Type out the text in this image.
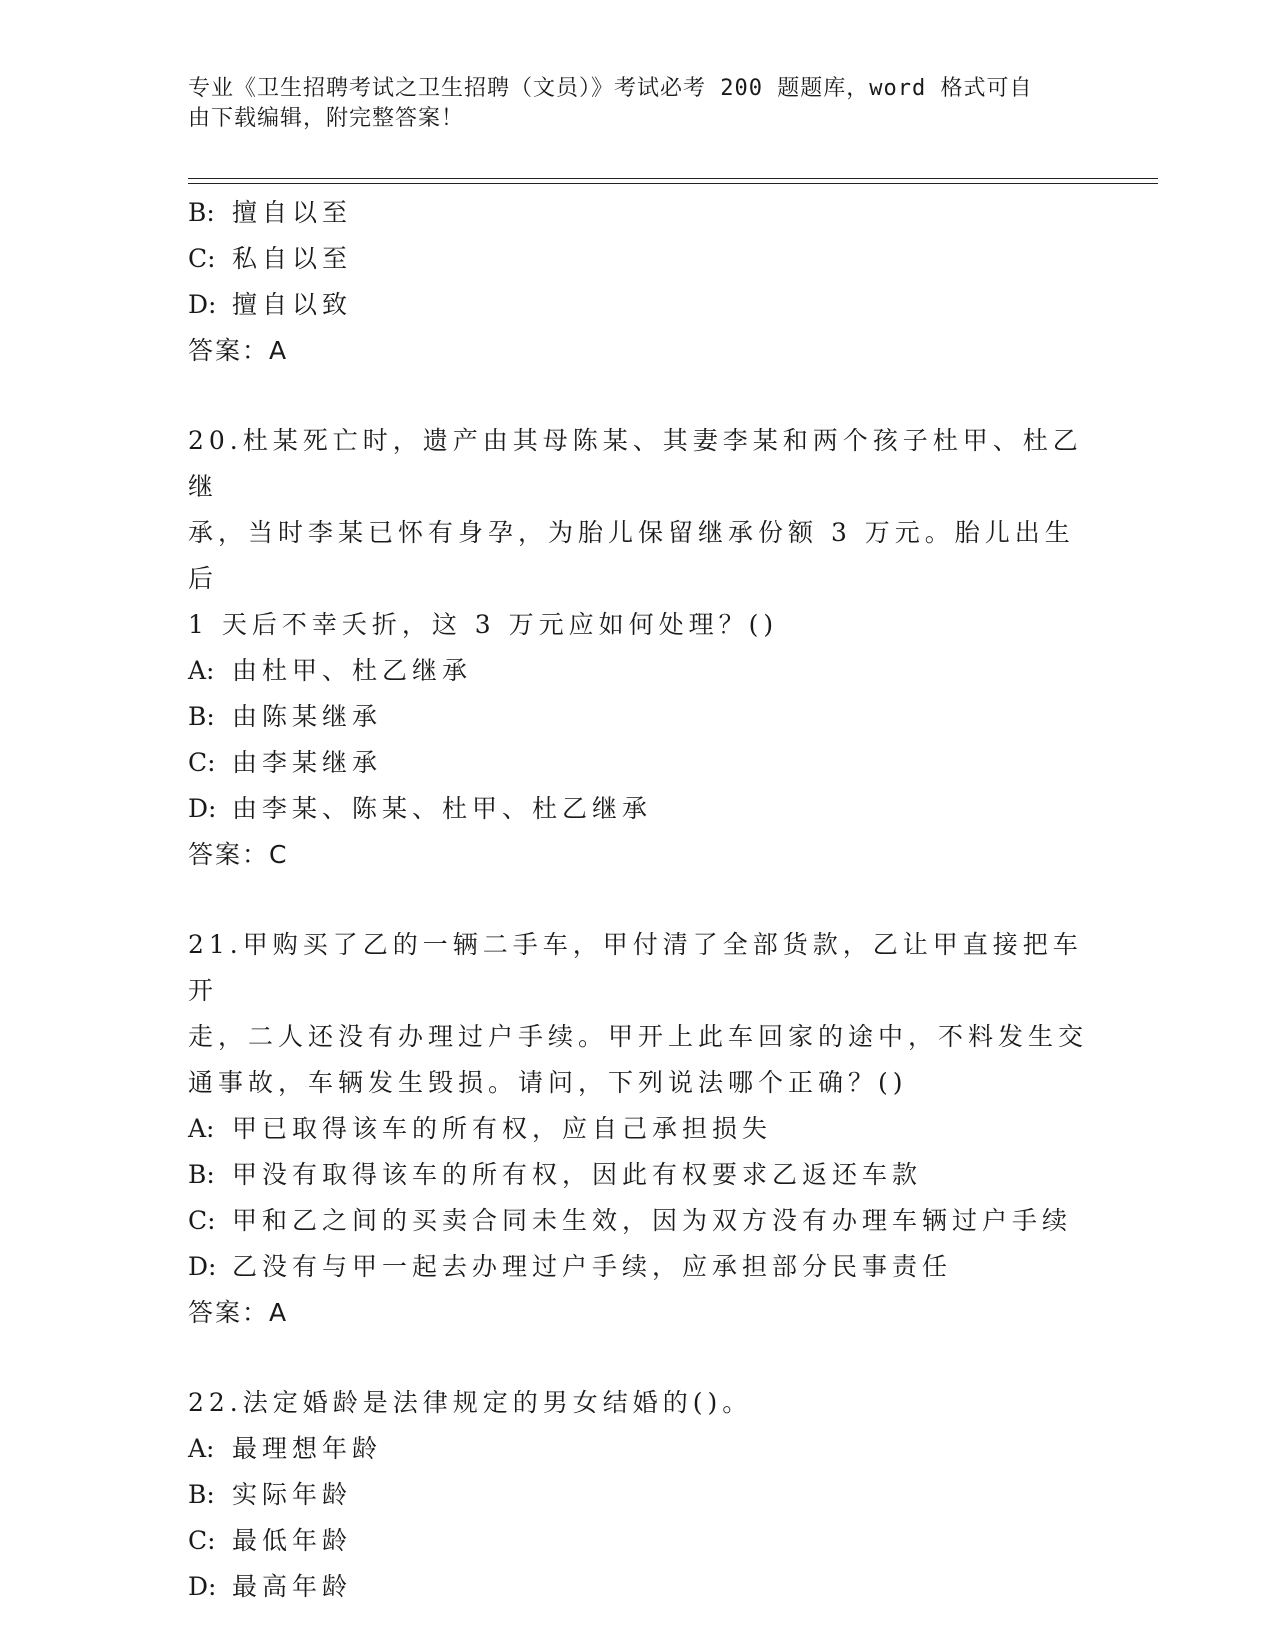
专业《卫生招聘考试之卫生招聘（文员）》考试必考 200 题题库，word 格式可自
由下载编辑，附完整答案！
B: 擅自以至
C: 私自以至
D: 擅自以致
答案：A
20.杜某死亡时，遗产由其母陈某、其妻李某和两个孩子杜甲、杜乙继
承，当时李某已怀有身孕，为胎儿保留继承份额 3 万元。胎儿出生后
1 天后不幸夭折，这 3 万元应如何处理？()
A: 由杜甲、杜乙继承
B: 由陈某继承
C: 由李某继承
D: 由李某、陈某、杜甲、杜乙继承
答案：C
21.甲购买了乙的一辆二手车，甲付清了全部货款，乙让甲直接把车开
走，二人还没有办理过户手续。甲开上此车回家的途中，不料发生交
通事故，车辆发生毁损。请问，下列说法哪个正确？()
A: 甲已取得该车的所有权，应自己承担损失
B: 甲没有取得该车的所有权，因此有权要求乙返还车款
C: 甲和乙之间的买卖合同未生效，因为双方没有办理车辆过户手续
D: 乙没有与甲一起去办理过户手续，应承担部分民事责任
答案：A
22.法定婚龄是法律规定的男女结婚的()。
A: 最理想年龄
B: 实际年龄
C: 最低年龄
D: 最高年龄
